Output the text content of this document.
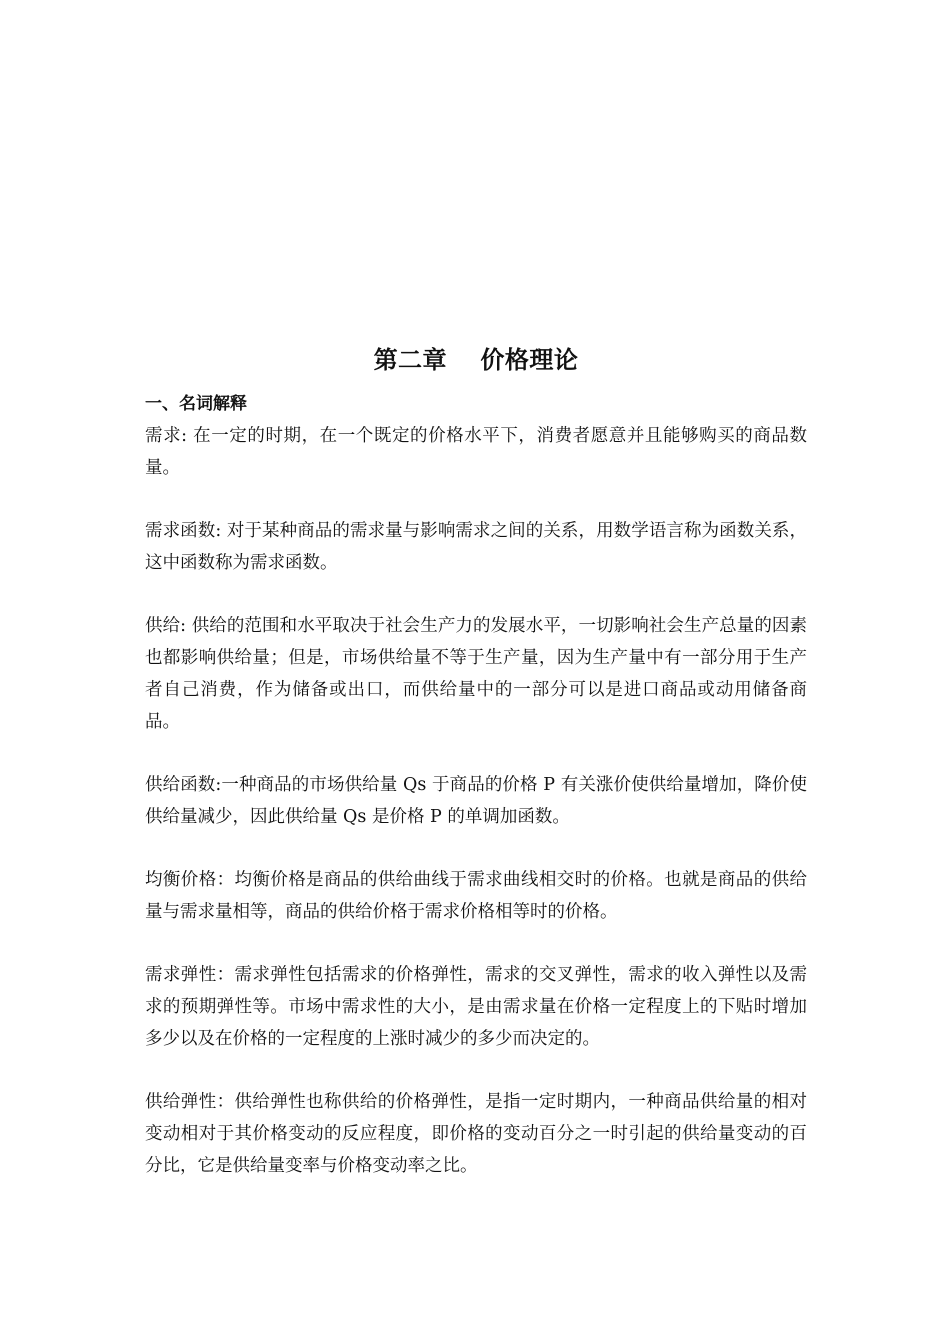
第二章　 价格理论
一、名词解释

需求: 在一定的时期，在一个既定的价格水平下，消费者愿意并且能够购买的商品数量。

需求函数: 对于某种商品的需求量与影响需求之间的关系，用数学语言称为函数关系，这中函数称为需求函数。

供给: 供给的范围和水平取决于社会生产力的发展水平，一切影响社会生产总量的因素也都影响供给量；但是，市场供给量不等于生产量，因为生产量中有一部分用于生产者自己消费，作为储备或出口，而供给量中的一部分可以是进口商品或动用储备商品。

供给函数:一种商品的市场供给量 Qs 于商品的价格 P 有关涨价使供给量增加，降价使供给量减少，因此供给量 Qs 是价格 P 的单调加函数。

均衡价格：均衡价格是商品的供给曲线于需求曲线相交时的价格。也就是商品的供给量与需求量相等，商品的供给价格于需求价格相等时的价格。

需求弹性：需求弹性包括需求的价格弹性，需求的交叉弹性，需求的收入弹性以及需求的预期弹性等。市场中需求性的大小，是由需求量在价格一定程度上的下贴时增加多少以及在价格的一定程度的上涨时减少的多少而决定的。

供给弹性：供给弹性也称供给的价格弹性，是指一定时期内，一种商品供给量的相对变动相对于其价格变动的反应程度，即价格的变动百分之一时引起的供给量变动的百分比，它是供给量变率与价格变动率之比。
